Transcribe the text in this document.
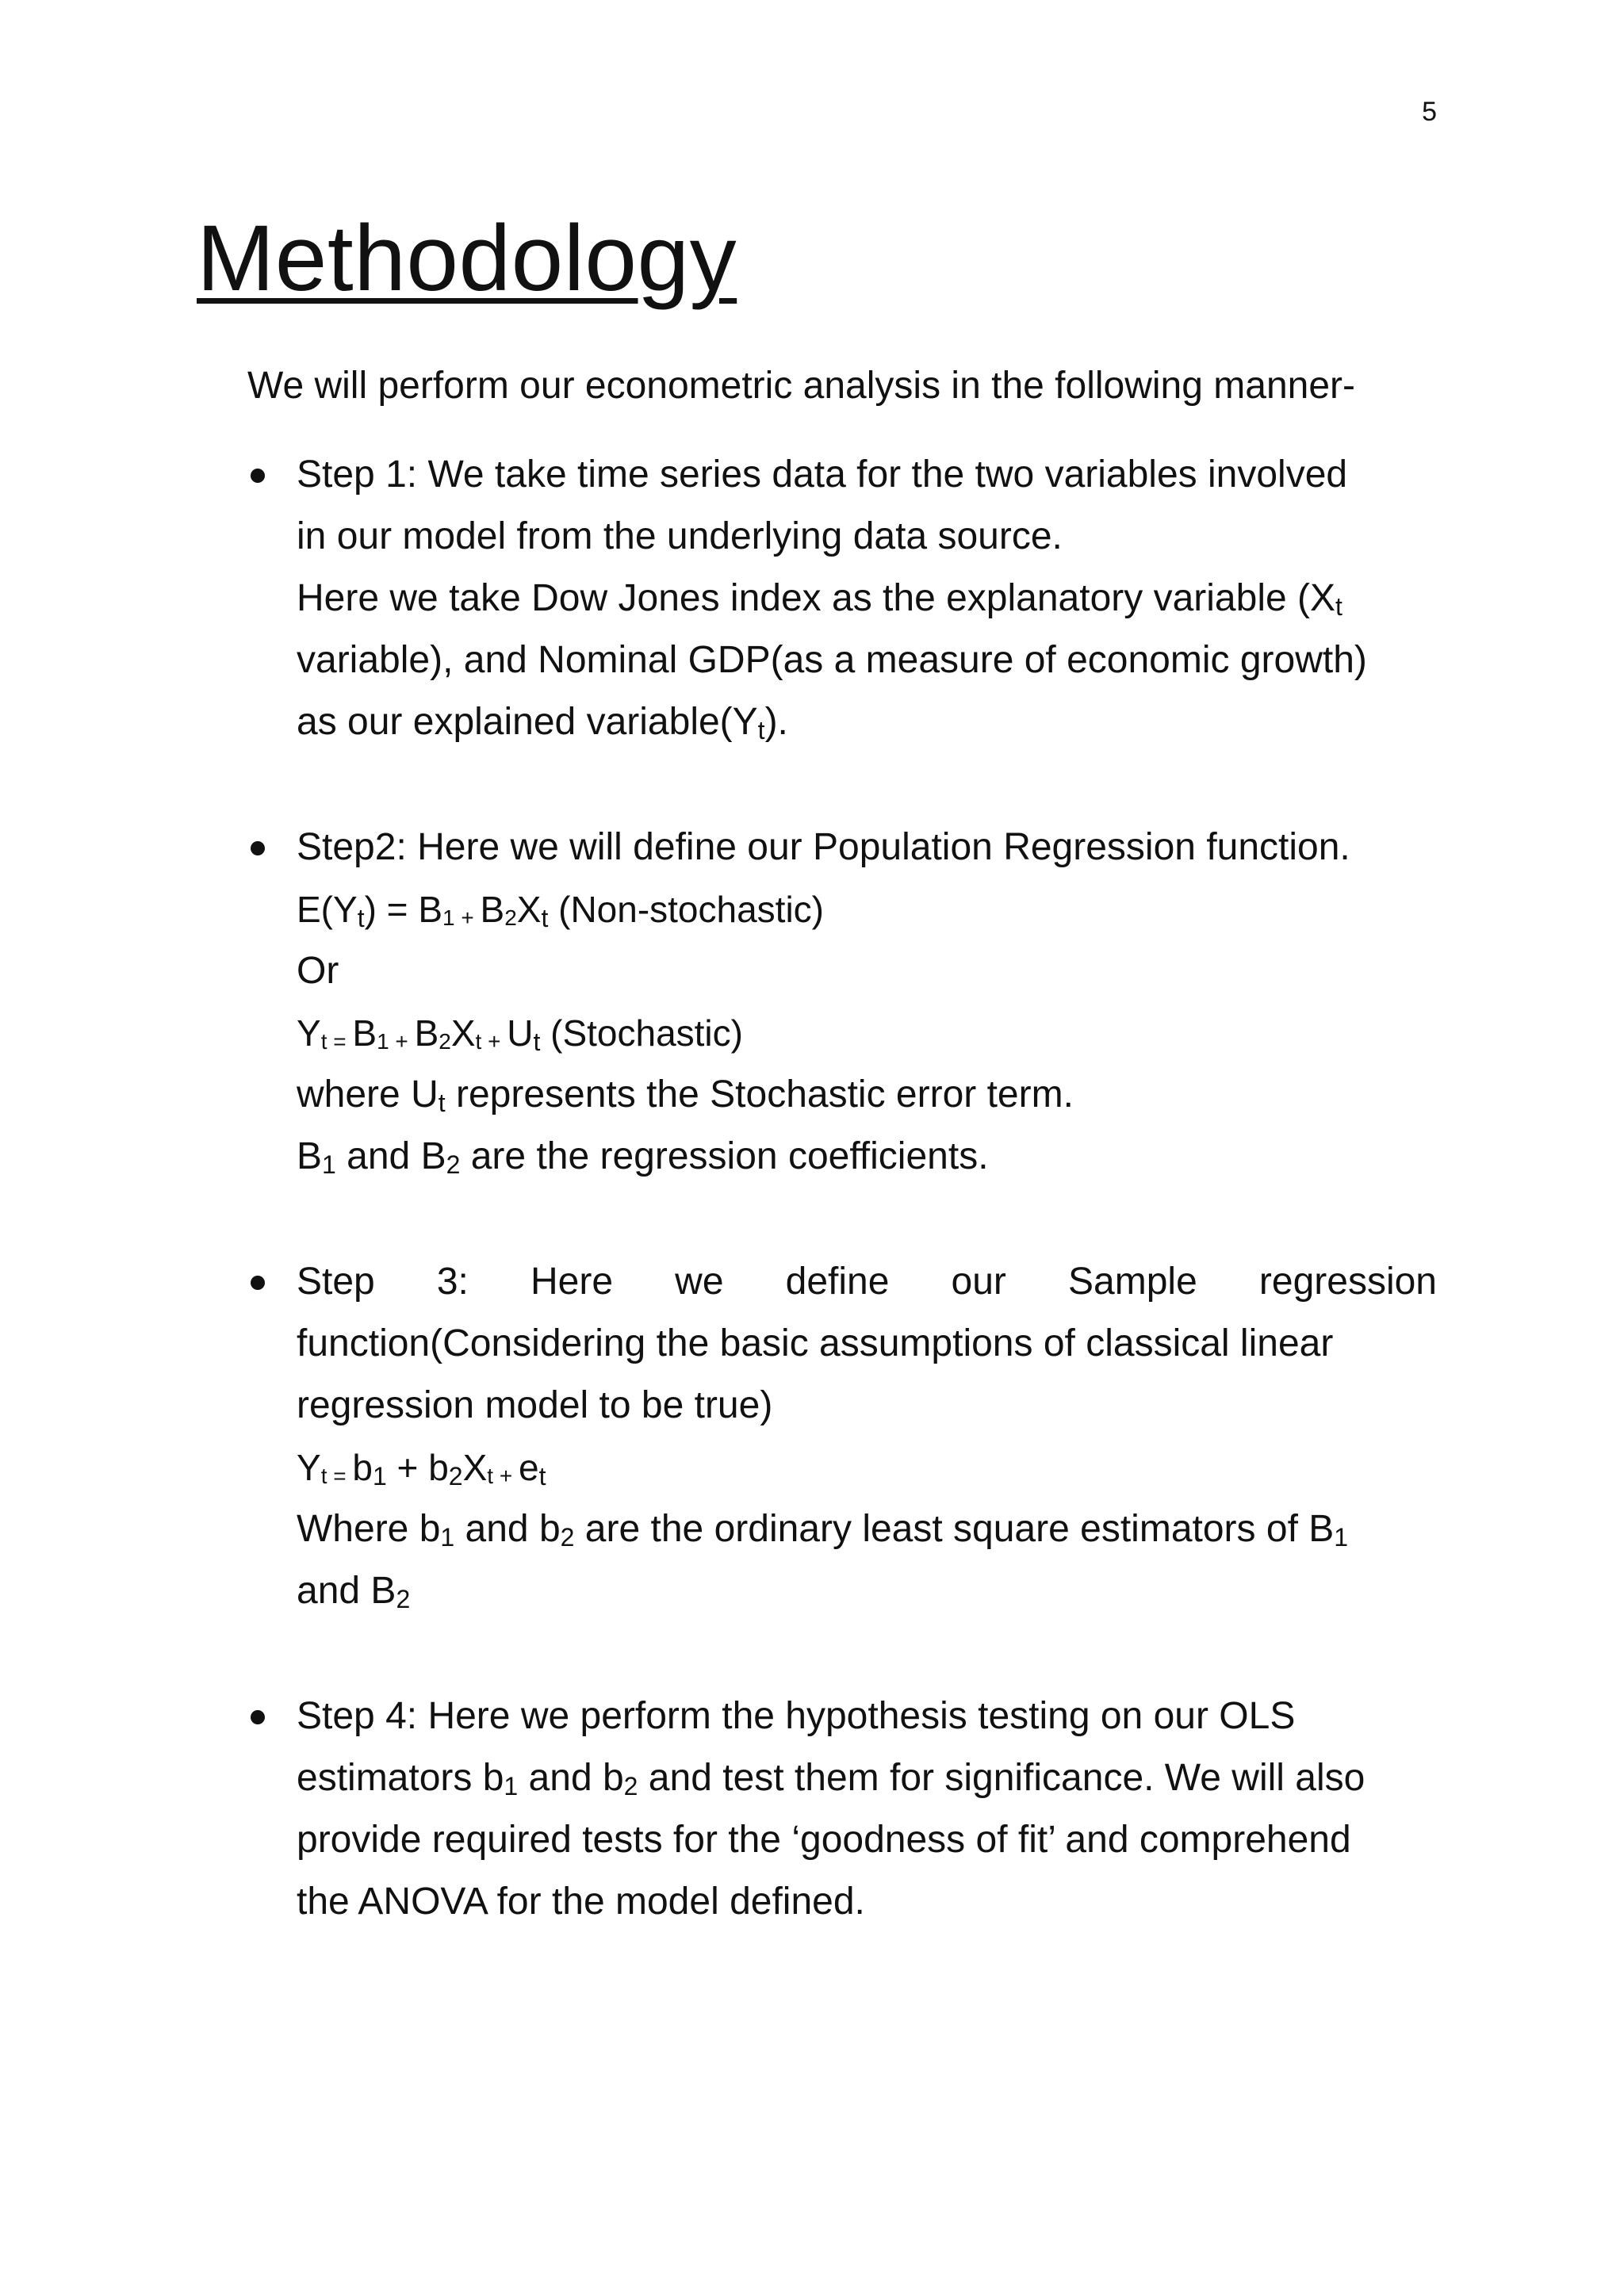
5
Methodology

We will perform our econometric analysis in the following manner-

Step 1: We take time series data for the two variables involved
in our model from the underlying data source.
Here we take Dow Jones index as the explanatory variable (Xt
variable), and Nominal GDP(as a measure of economic growth)
as our explained variable(Yt).
Step2: Here we will define our Population Regression function.
E(Yt) = B1 + B2Xt (Non-stochastic)
Or
Yt = B1 + B2Xt + Ut (Stochastic)
where Ut represents the Stochastic error term.
B1 and B2 are the regression coefficients.
Step 3: Here we define our Sample regression
function(Considering the basic assumptions of classical linear
regression model to be true)
Yt = b1 + b2Xt + et
Where b1 and b2 are the ordinary least square estimators of B1
and B2
Step 4: Here we perform the hypothesis testing on our OLS
estimators b1 and b2 and test them for significance. We will also
provide required tests for the ‘goodness of fit’ and comprehend
the ANOVA for the model defined.
